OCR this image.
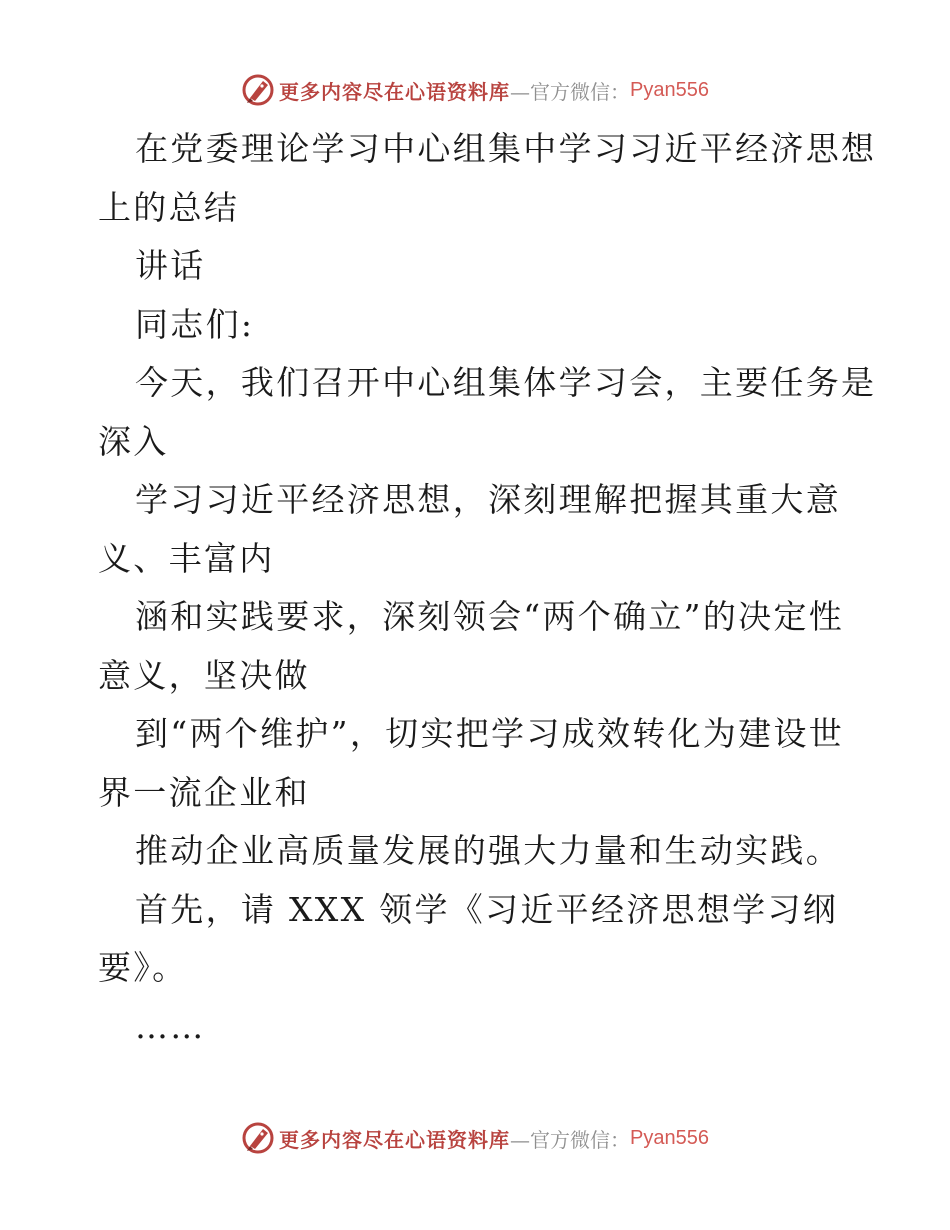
更多内容尽在心语资料库 —官方微信： Pyan556
在党委理论学习中心组集中学习习近平经济思想
上的总结
讲话
同志们:
今天，我们召开中心组集体学习会，主要任务是
深入
学习习近平经济思想，深刻理解把握其重大意
义、丰富内
涵和实践要求，深刻领会“两个确立”的决定性
意义，坚决做
到“两个维护”，切实把学习成效转化为建设世
界一流企业和
推动企业高质量发展的强大力量和生动实践。
首先，请 XXX 领学《习近平经济思想学习纲
要》。
……
更多内容尽在心语资料库 —官方微信： Pyan556
